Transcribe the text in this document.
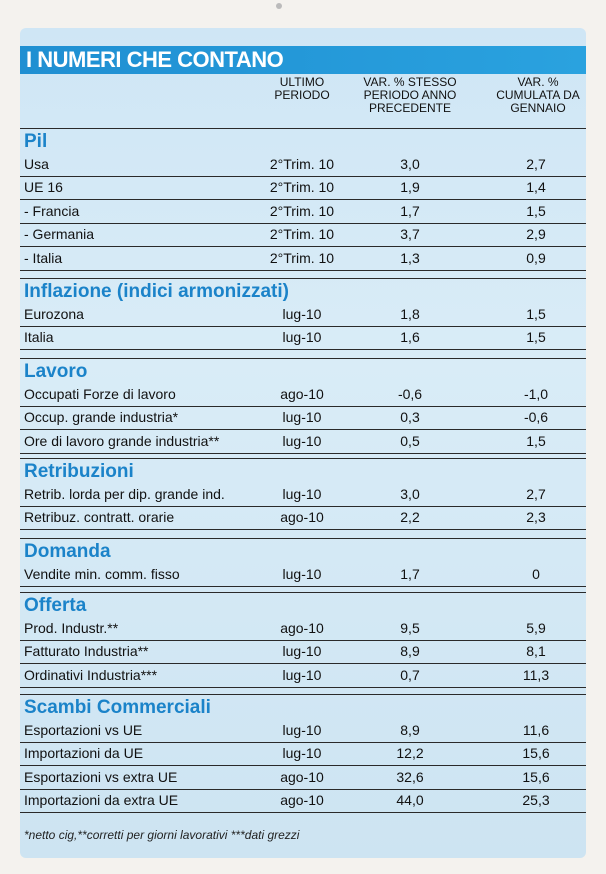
I NUMERI CHE CONTANO
ULTIMO PERIODO
VAR. % STESSO PERIODO ANNO PRECEDENTE
VAR. % CUMULATA DA GENNAIO
Pil
Usa	2°Trim. 10	3,0	2,7
UE 16	2°Trim. 10	1,9	1,4
- Francia	2°Trim. 10	1,7	1,5
- Germania	2°Trim. 10	3,7	2,9
- Italia	2°Trim. 10	1,3	0,9
Inflazione (indici armonizzati)
Eurozona	lug-10	1,8	1,5
Italia	lug-10	1,6	1,5
Lavoro
Occupati Forze di lavoro	ago-10	-0,6	-1,0
Occup. grande industria*	lug-10	0,3	-0,6
Ore di lavoro grande industria**	lug-10	0,5	1,5
Retribuzioni
Retrib. lorda per dip. grande ind.	lug-10	3,0	2,7
Retribuz. contratt. orarie	ago-10	2,2	2,3
Domanda
Vendite min. comm. fisso	lug-10	1,7	0
Offerta
Prod. Industr.**	ago-10	9,5	5,9
Fatturato Industria**	lug-10	8,9	8,1
Ordinativi Industria***	lug-10	0,7	11,3
Scambi Commerciali
Esportazioni vs UE	lug-10	8,9	11,6
Importazioni da UE	lug-10	12,2	15,6
Esportazioni vs extra UE	ago-10	32,6	15,6
Importazioni da extra UE	ago-10	44,0	25,3
*netto cig,**corretti per giorni lavorativi ***dati grezzi
